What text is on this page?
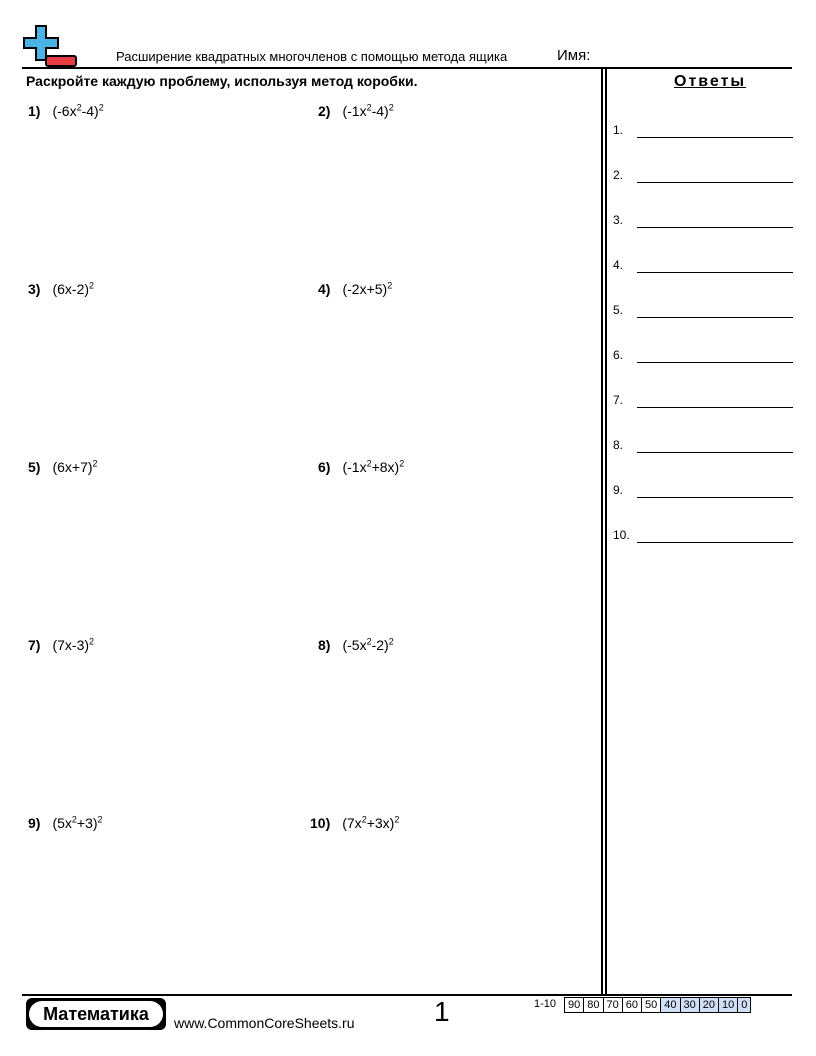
Расширение квадратных многочленов с помощью метода ящика	Имя:
Раскройте каждую проблему, используя метод коробки.
1) $(-6x^2-4)^2$	2) $(-1x^2-4)^2$
3) $(6x-2)^2$	4) $(-2x+5)^2$
5) $(6x+7)^2$	6) $(-1x^2+8x)^2$
7) $(7x-3)^2$	8) $(-5x^2-2)^2$
9) $(5x^2+3)^2$	10) $(7x^2+3x)^2$
Ответы
1.
2.
3.
4.
5.
6.
7.
8.
9.
10.
Математика	www.CommonCoreSheets.ru	1	1-10 90	80	70	60	50	40	30	20	10	0
